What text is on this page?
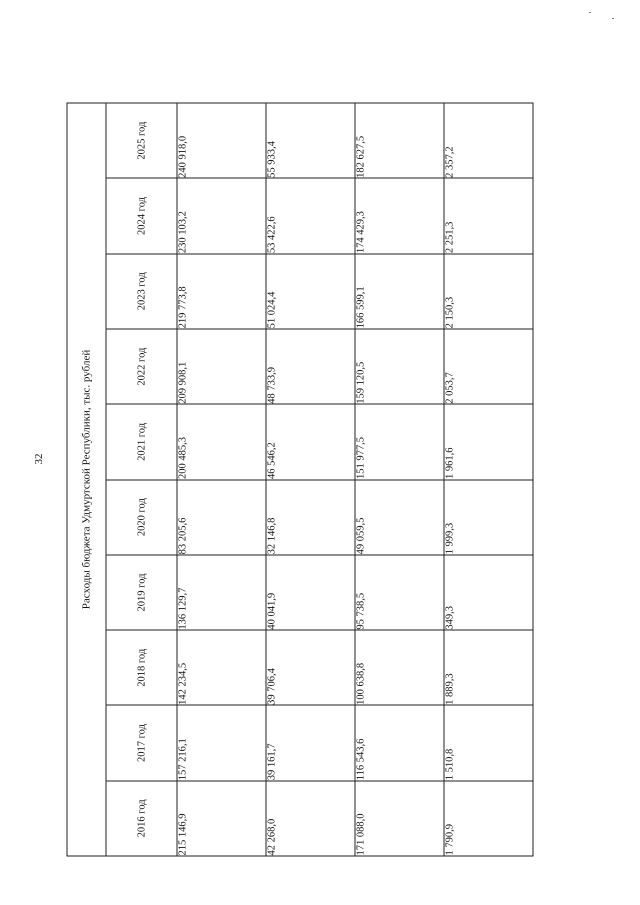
32	Расходы бюджета Удмуртской Республики, тыс. рублей									
2016 год	2017 год	2018 год	2019 год	2020 год	2021 год	2022 год	2023 год	2024 год	2025 год
215 146,9	157 216,1	142 234,5	136 129,7	83 205,6	200 485,3	209 908,1	219 773,8	230 103,2	240 918,0
42 268,0	39 161,7	39 706,4	40 041,9	32 146,8	46 546,2	48 733,9	51 024,4	53 422,6	55 933,4
171 088,0	116 543,6	100 638,8	95 738,5	49 059,5	151 977,5	159 120,5	166 599,1	174 429,3	182 627,5
1 790,9	1 510,8	1 889,3	349,3	1 999,3	1 961,6	2 053,7	2 150,3	2 251,3	2 357,2
